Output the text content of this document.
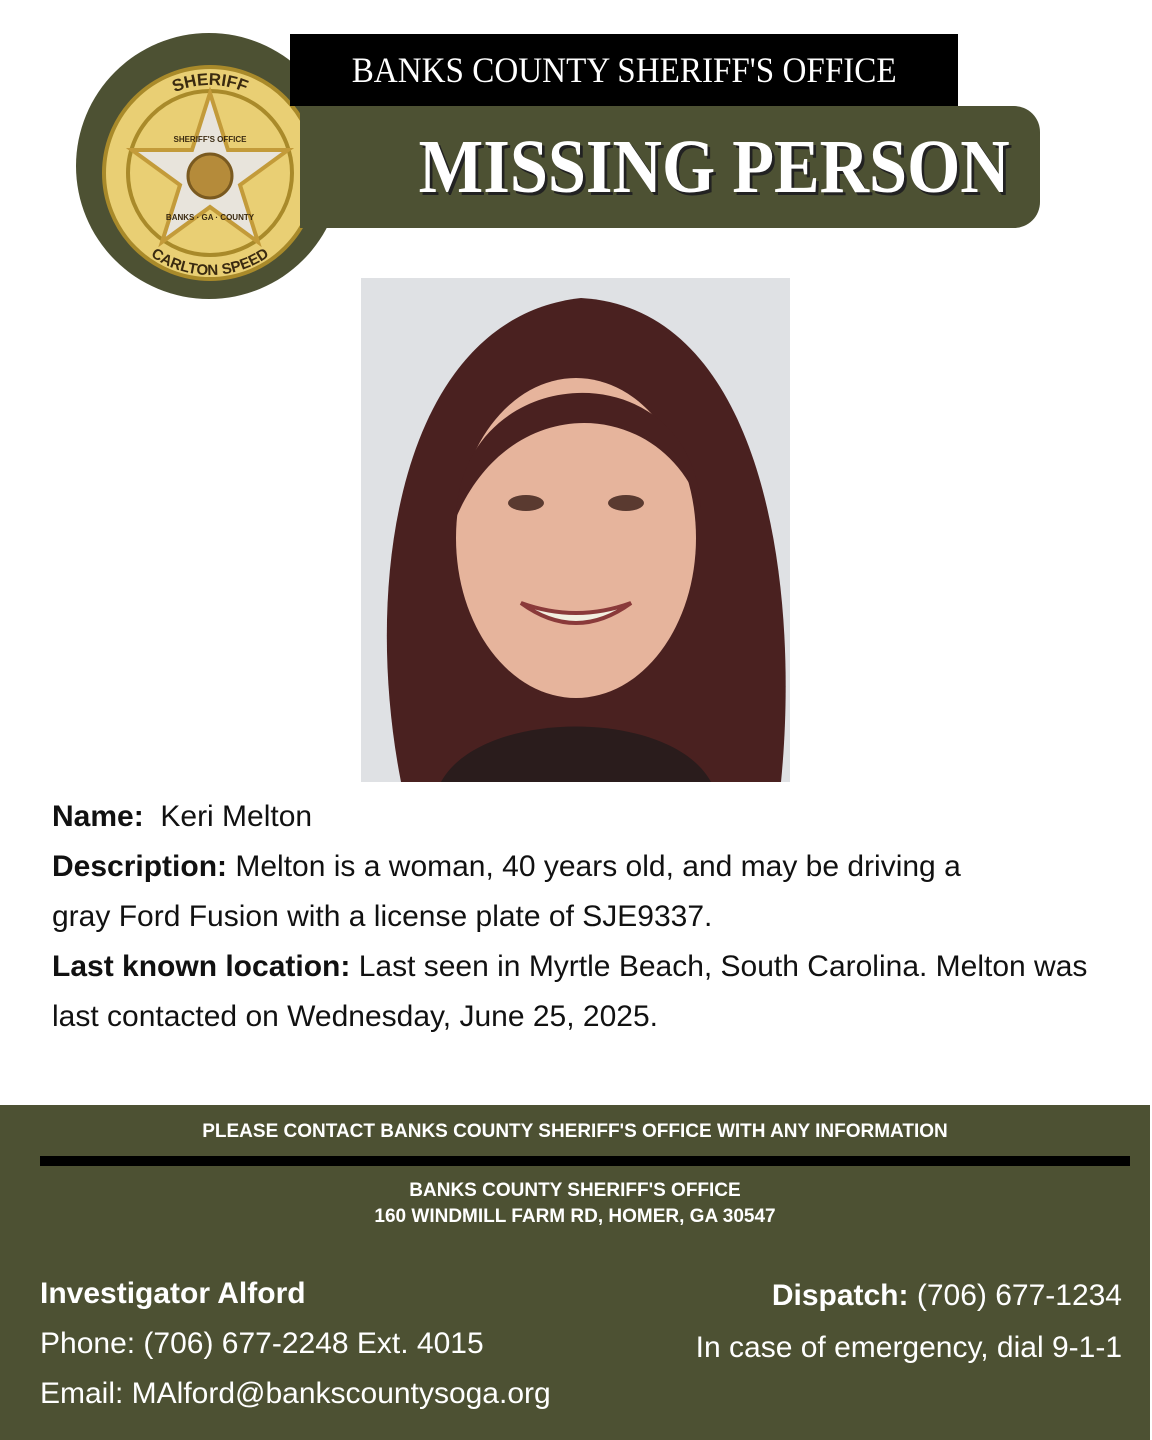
SHERIFF
CARLTON SPEED
SHERIFF'S OFFICE
BANKS · GA · COUNTY
BANKS COUNTY SHERIFF'S OFFICE
MISSING PERSON
Name: Keri Melton
Description: Melton is a woman, 40 years old, and may be driving a gray Ford Fusion with a license plate of SJE9337.
Last known location: Last seen in Myrtle Beach, South Carolina. Melton was last contacted on Wednesday, June 25, 2025.
PLEASE CONTACT BANKS COUNTY SHERIFF'S OFFICE WITH ANY INFORMATION
BANKS COUNTY SHERIFF'S OFFICE
160 WINDMILL FARM RD, HOMER, GA 30547
Investigator Alford
Phone: (706) 677-2248 Ext. 4015
Email: MAlford@bankscountysoga.org
Dispatch: (706) 677-1234
In case of emergency, dial 9-1-1
